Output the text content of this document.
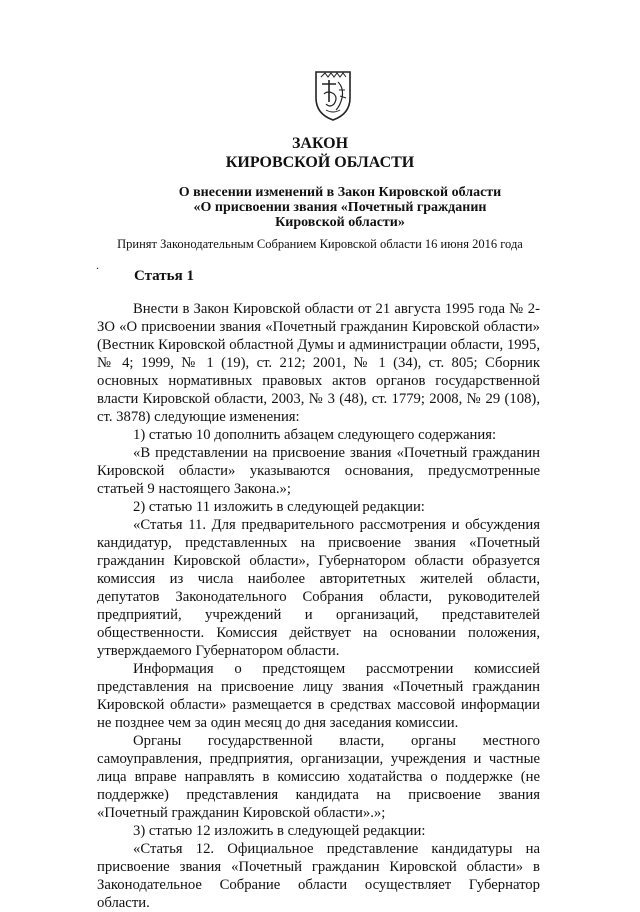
ЗАКОН
КИРОВСКОЙ ОБЛАСТИ
О внесении изменений в Закон Кировской области
«О присвоении звания «Почетный гражданин
Кировской области»
Принят Законодательным Собранием Кировской области 16 июня 2016 года
.
Статья 1

Внести в Закон Кировской области от 21 августа 1995 года № 2-ЗО «О присвоении звания «Почетный гражданин Кировской области» (Вестник Кировской областной Думы и администрации области, 1995, № 4; 1999, № 1 (19), ст. 212; 2001, № 1 (34), ст. 805; Сборник основных нормативных правовых актов органов государственной власти Кировской области, 2003, № 3 (48), ст. 1779; 2008, № 29 (108), ст. 3878) следующие изменения:

1) статью 10 дополнить абзацем следующего содержания:

«В представлении на присвоение звания «Почетный гражданин Кировской области» указываются основания, предусмотренные статьей 9 настоящего Закона.»;

2) статью 11 изложить в следующей редакции:

«Статья 11. Для предварительного рассмотрения и обсуждения кандидатур, представленных на присвоение звания «Почетный гражданин Кировской области», Губернатором области образуется комиссия из числа наиболее авторитетных жителей области, депутатов Законодательного Собрания области, руководителей предприятий, учреждений и организаций, представителей общественности. Комиссия действует на основании положения, утверждаемого Губернатором области.

Информация о предстоящем рассмотрении комиссией представления на присвоение лицу звания «Почетный гражданин Кировской области» размещается в средствах массовой информации не позднее чем за один месяц до дня заседания комиссии.

Органы государственной власти, органы местного самоуправления, предприятия, организации, учреждения и частные лица вправе направлять в комиссию ходатайства о поддержке (не поддержке) представления кандидата на присвоение звания «Почетный гражданин Кировской области».»;

3) статью 12 изложить в следующей редакции:

«Статья 12. Официальное представление кандидатуры на присвоение звания «Почетный гражданин Кировской области» в Законодательное Собрание области осуществляет Губернатор области.
